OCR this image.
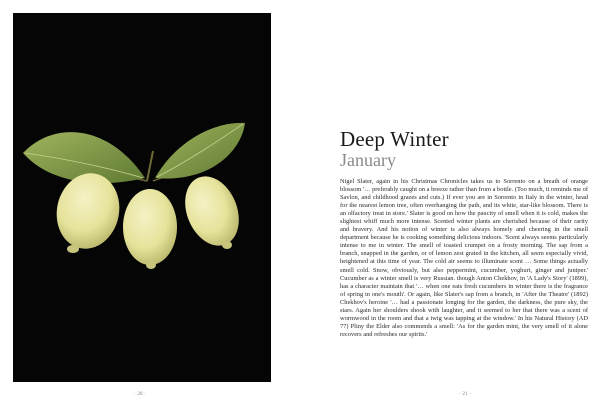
· 20 ·
Deep Winter
January

Nigel Slater, again in his Christmas Chronicles takes us to Sorrento on a breath of orange blossom '… preferably caught on a breeze rather than from a bottle. (Too much, it reminds me of Savlon, and childhood grazes and cuts.) If ever you are in Sorrento in Italy in the winter, head for the nearest lemon tree, often overhanging the path, and its white, star-like blossom. There is an olfactory treat in store.' Slater is good on how the paucity of smell when it is cold, makes the slightest whiff much more intense. Scented winter plants are cherished because of their rarity and bravery. And his notion of winter is also always homely and cheering in the smell department because he is cooking something delicious indoors. 'Scent always seems particularly intense to me in winter. The smell of toasted crumpet on a frosty morning. The sap from a branch, snapped in the garden, or of lemon zest grated in the kitchen, all seem especially vivid, heightened at this time of year. The cold air seems to illuminate scent … Some things actually smell cold. Snow, obviously, but also peppermint, cucumber, yoghurt, ginger and juniper.' Cucumber as a winter smell is very Russian. though Anton Chekhov, in 'A Lady's Story' (1899), has a character maintain that '… when one eats fresh cucumbers in winter there is the fragrance of spring in one's mouth'. Or again, like Slater's sap from a branch, in 'After the Theatre' (1892) Chekhov's heroine '… had a passionate longing for the garden, the darkness, the pure sky, the stars. Again her shoulders shook with laughter, and it seemed to her that there was a scent of wormwood in the room and that a twig was tapping at the window.' In his Natural History (AD 77) Pliny the Elder also commends a smell: 'As for the garden mint, the very smell of it alone recovers and refreshes our spirits.'

· 21 ·
